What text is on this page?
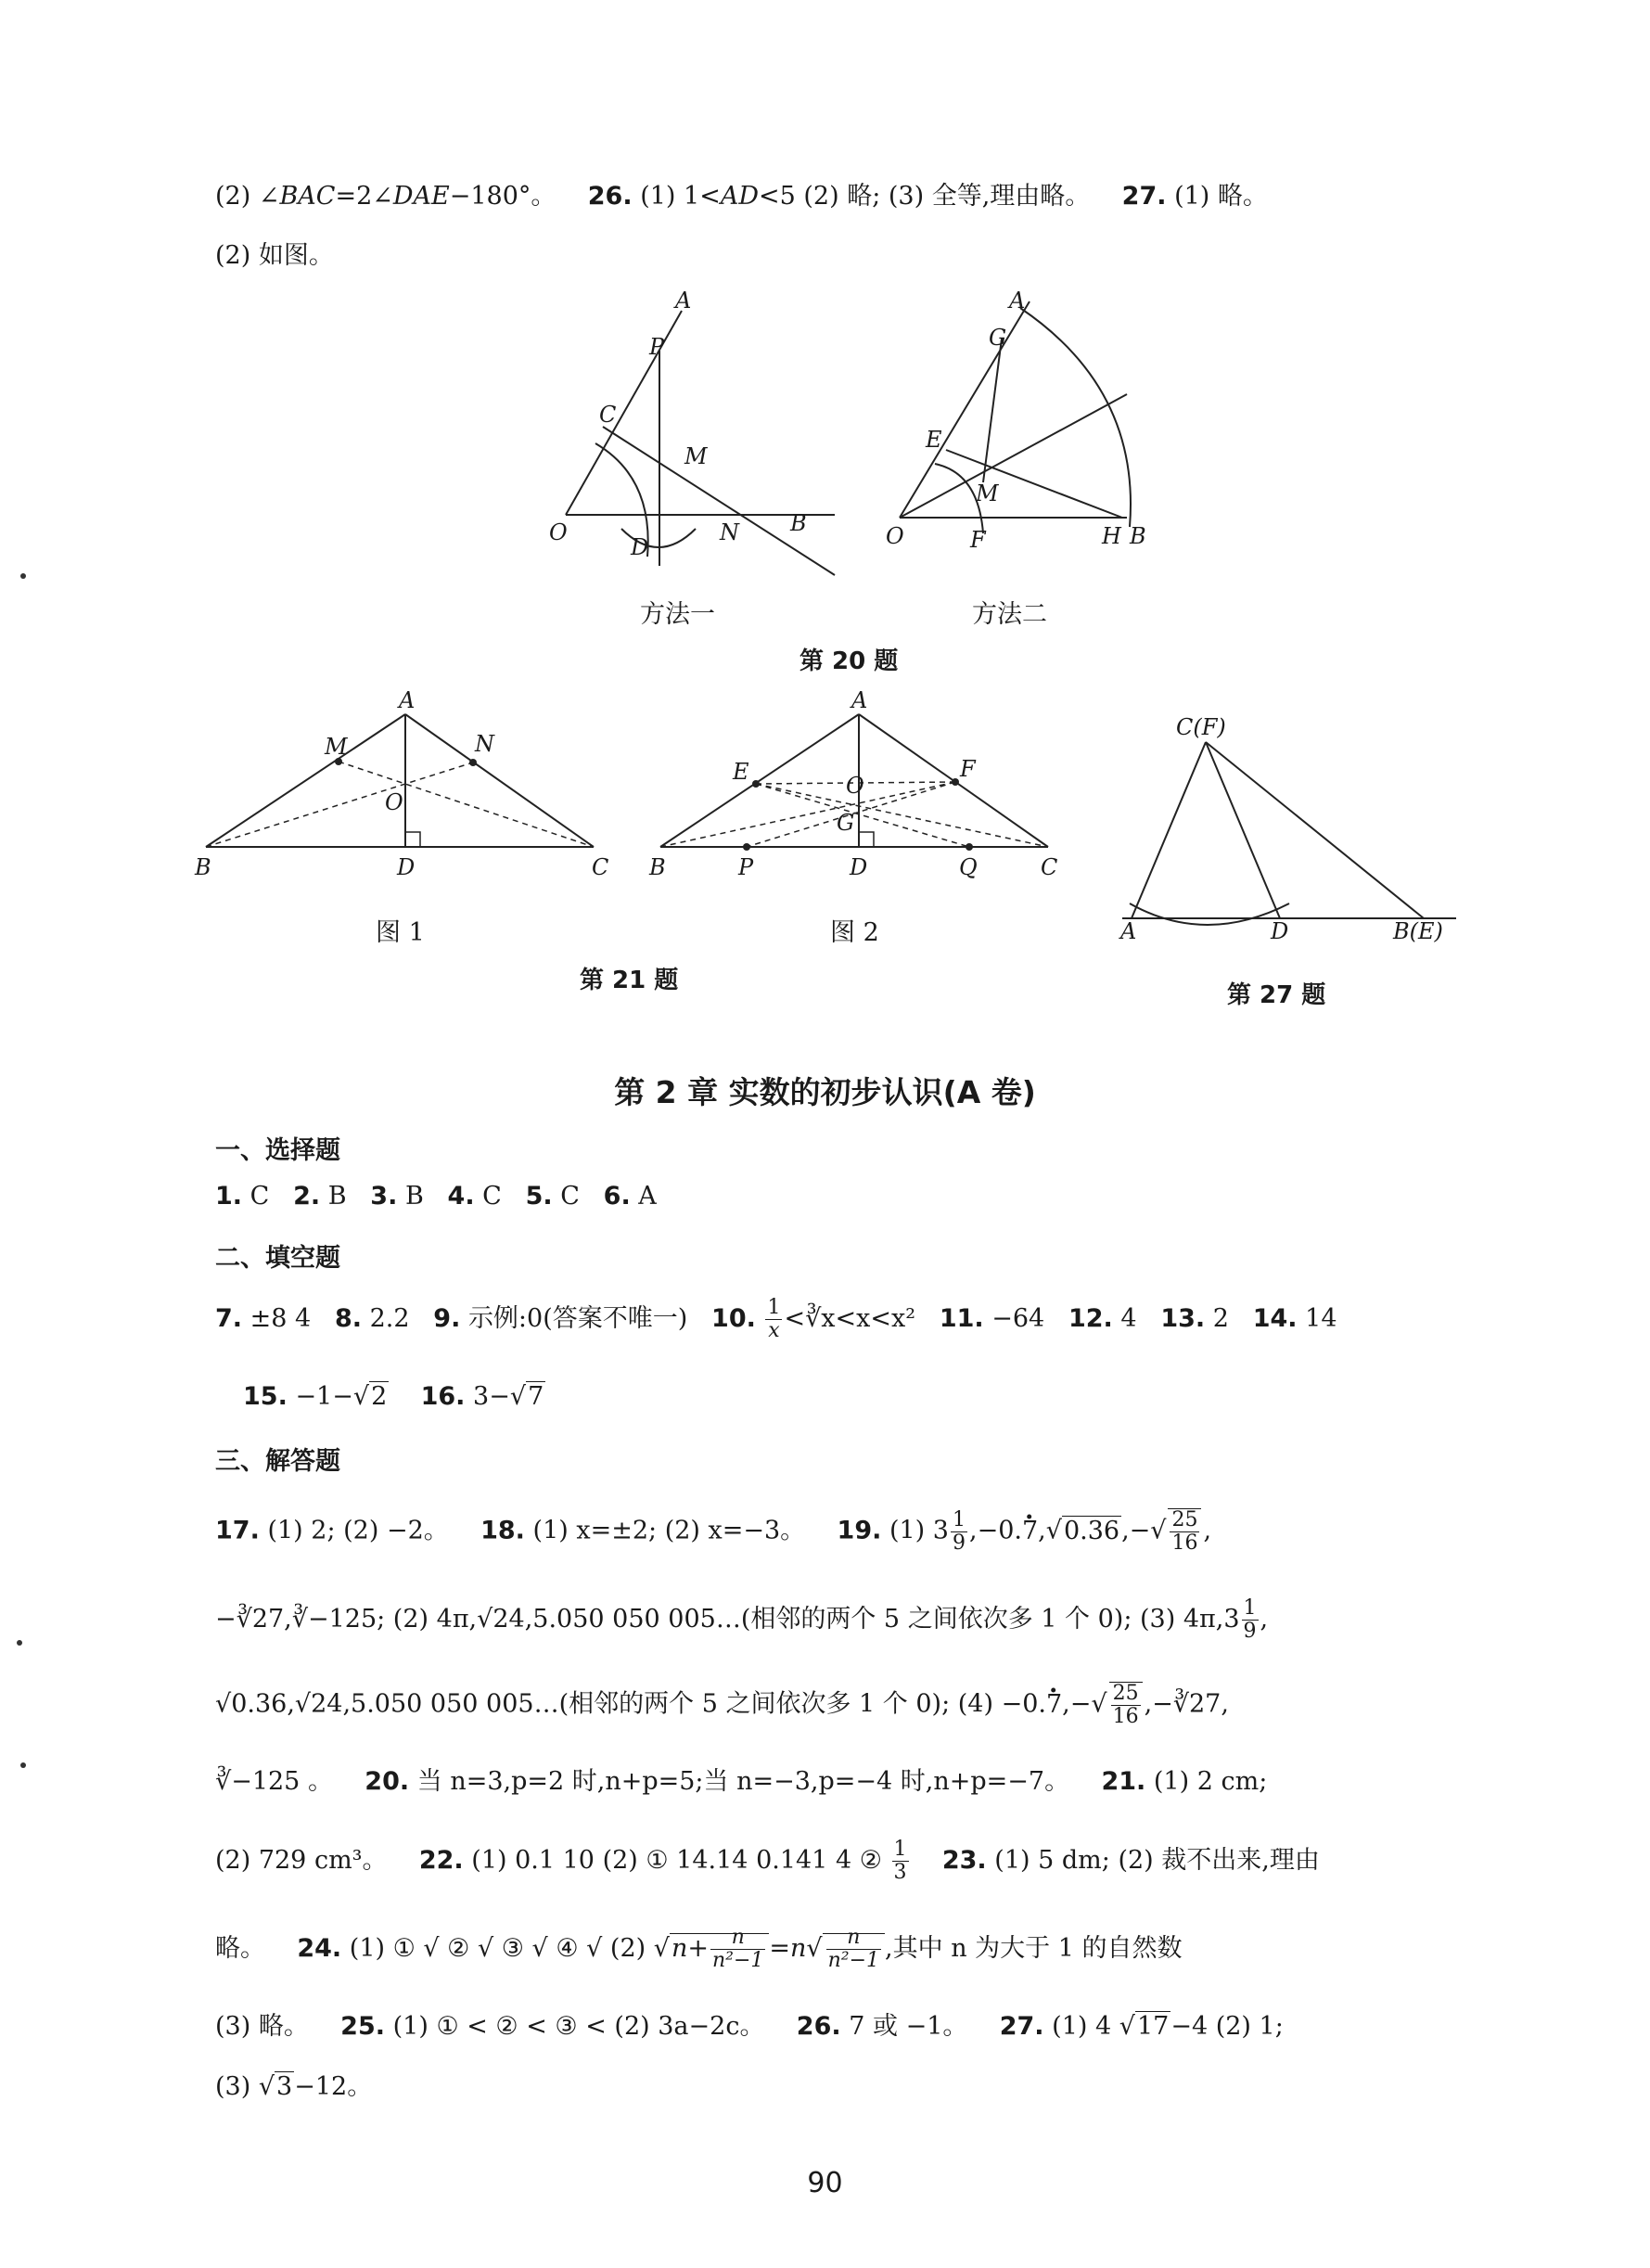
(2) ∠BAC=2∠DAE−180°。 26. (1) 1<AD<5 (2) 略; (3) 全等,理由略。 27. (1) 略。
(2) 如图。
A
P
C
M
O
D
N B
方法一
A
G
E
M
O	F	H B
方法二
第 20 题
A
M	N
O
B	D	C
图 1
A
E	F
O
G
B	P	D	Q	C
图 2
第 21 题
C(F)
A	D	B(E)
第 27 题
第 2 章 实数的初步认识(A 卷)
一、选择题
1. C 2. B 3. B 4. C 5. C 6. A
二、填空题
7. ±8 4 8. 2.2 9. 示例:0(答案不唯一) 10. $\frac{1}{x}$ <∛x<x<x² 11. −64 12. 4 13. 2 14. 14
15. −1−√2 16. 3−√7
三、解答题
17. (1) 2; (2) −2。 18. (1) x=±2; (2) x=−3。 19. (1) $3 \frac{1}{9} ,-0$.. $7,√0.36,-√ \frac{25}{16}$ ,
−∛27,∛−125; (2) 4π,√24,5.050 050 005…(相邻的两个 5 之间依次多 1 个 0); (3) $4\pi,3 \frac{1}{9}$ ,
√0.36,√24,5.050 050 005…(相邻的两个 5 之间依次多 1 个 0); (4) −0.. $7,-√ \frac{25}{16}$ ,−∛27,
∛−125 。 20. 当 n=3,p=2 时,n+p=5;当 n=−3,p=−4 时,n+p=−7。 21. (1) 2 cm;
(2) 729 cm³。 22. (1) 0.1 10 (2) ① 14.14 0.141 4 ② $\frac{1}{3} 23$. (1) 5 dm; (2) 裁不出来,理由
略。 24. (1) ① √ ② √ ③ √ ④ √ (2) $√n+ \frac{n}{\text{n²−1}} =n√ \frac{n}{\text{n²−1}}$ ,其中 n 为大于 1 的自然数
(3) 略。 25. (1) ① < ② < ③ < (2) 3a−2c。 26. 7 或 −1。 27. (1) 4 √17−4 (2) 1;
(3) √3−12。
90
